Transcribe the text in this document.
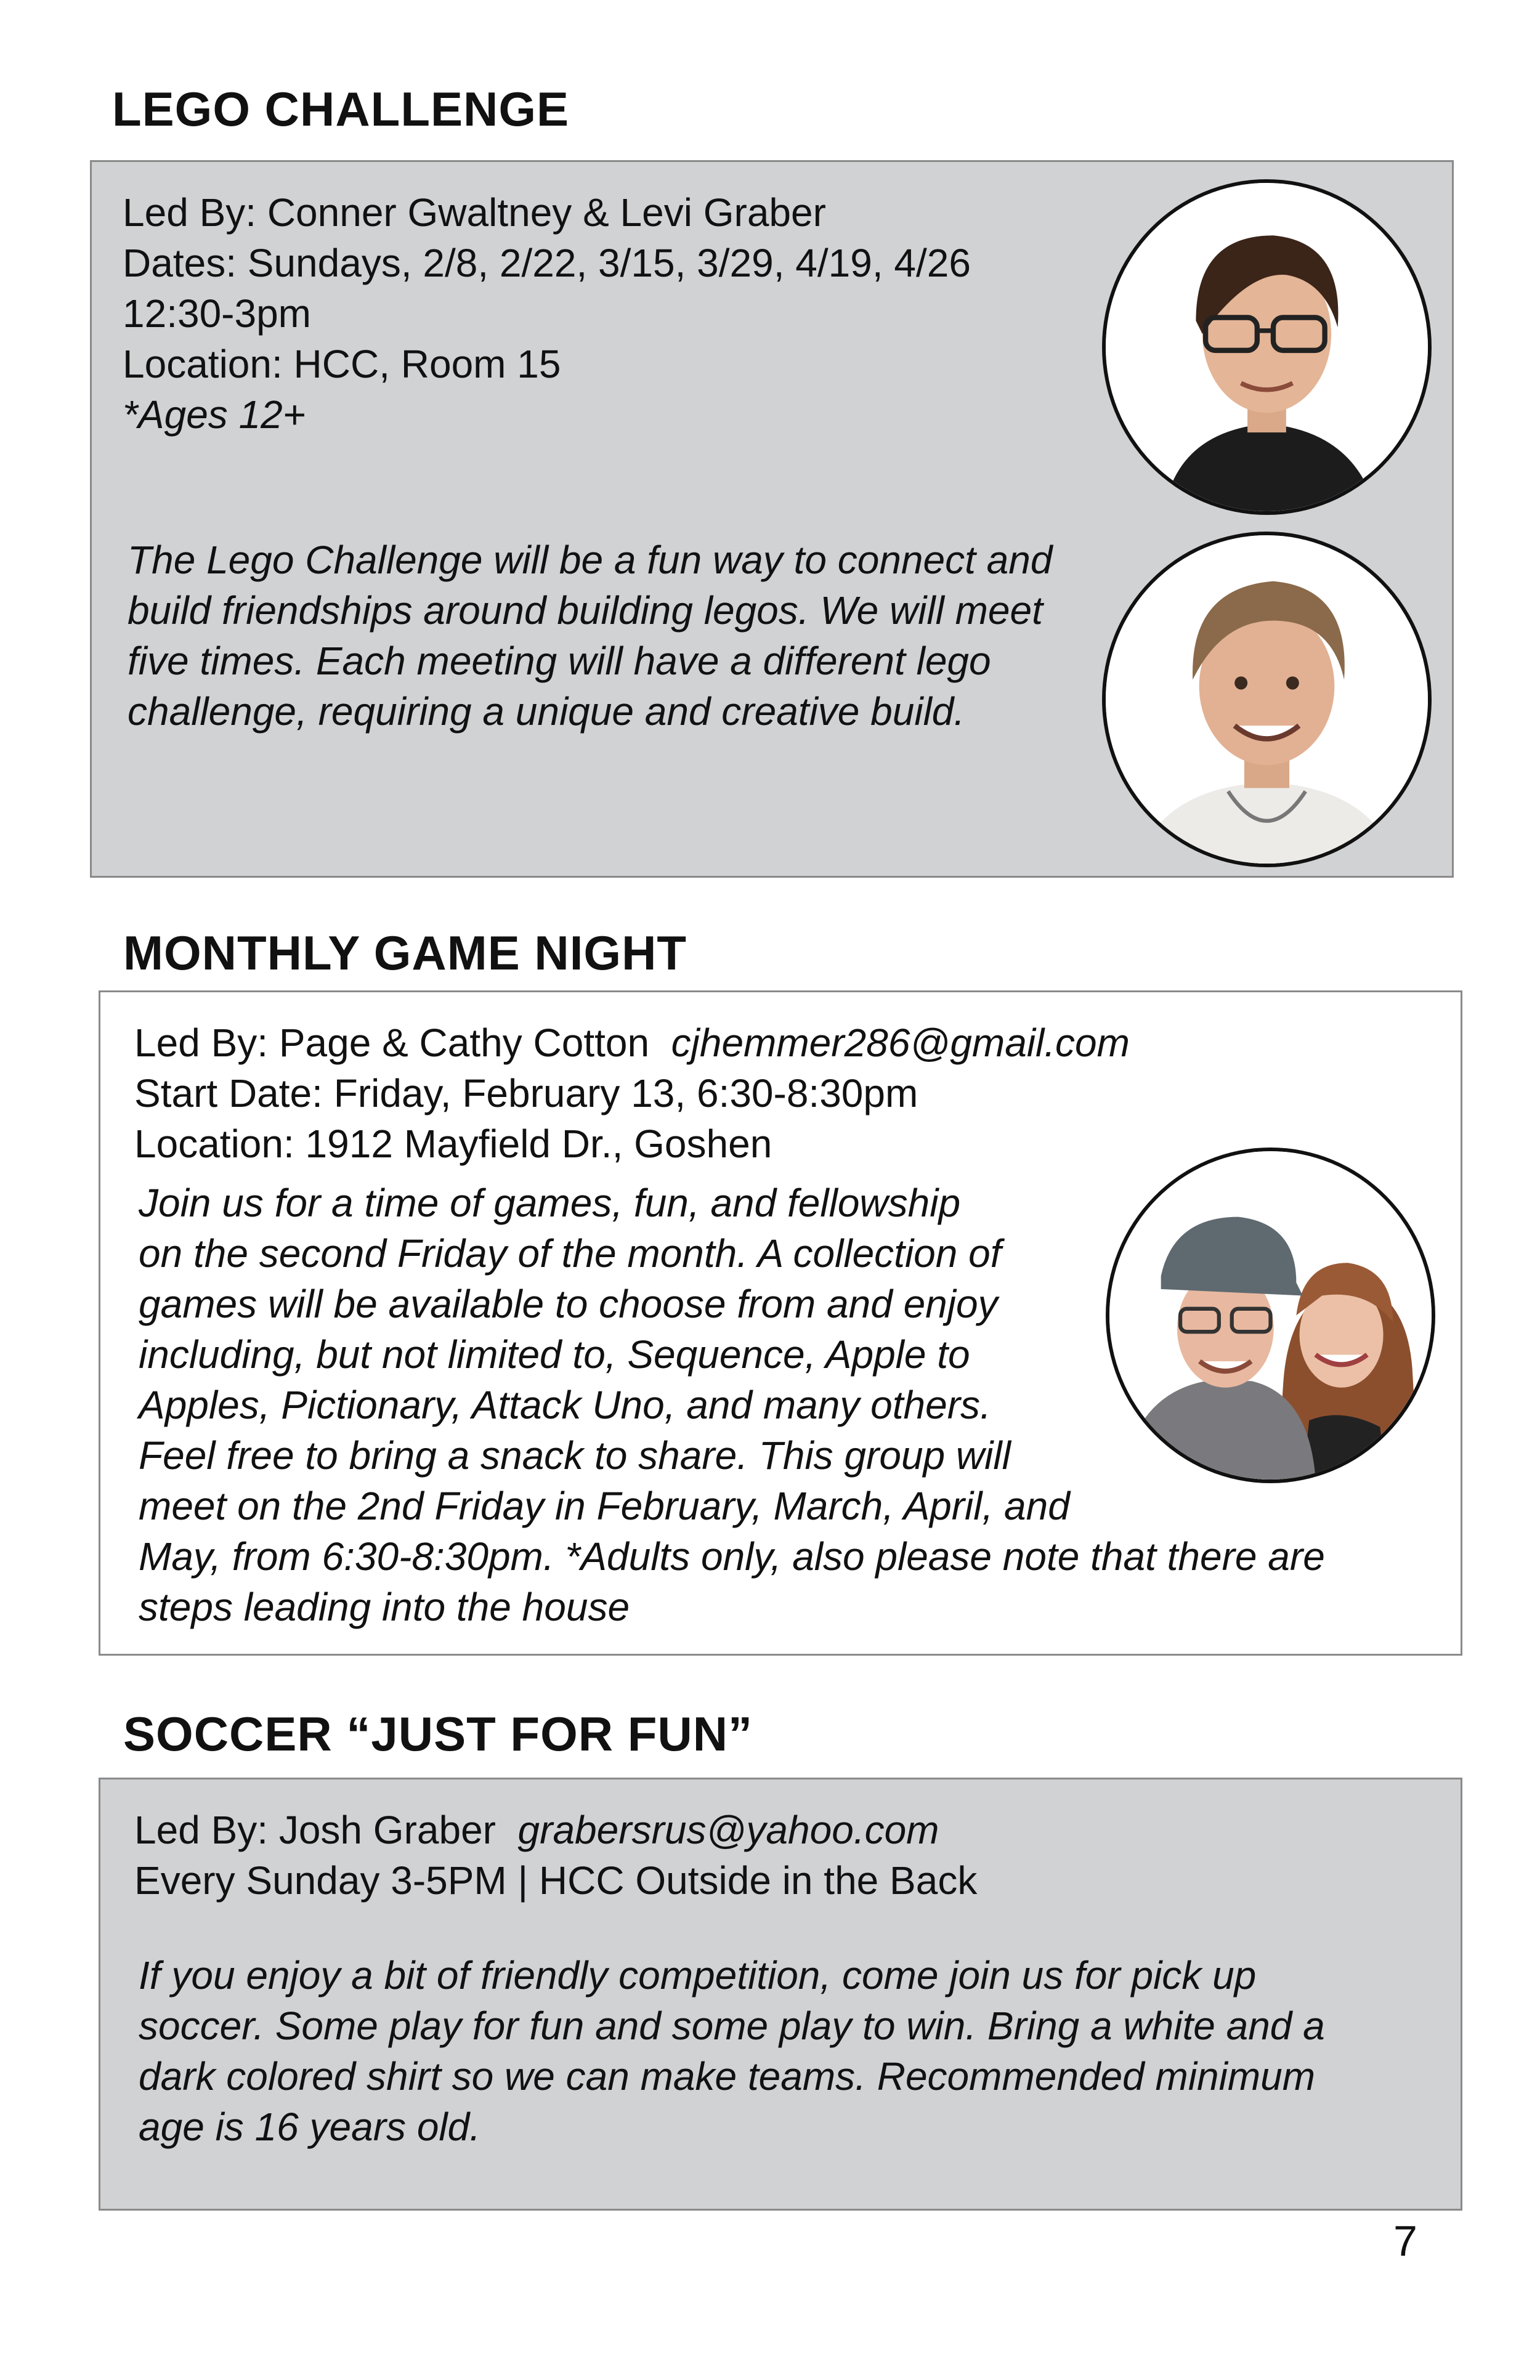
LEGO CHALLENGE
Led By: Conner Gwaltney & Levi Graber
Dates: Sundays, 2/8, 2/22, 3/15, 3/29, 4/19, 4/26
12:30-3pm
Location: HCC, Room 15
*Ages 12+
The Lego Challenge will be a fun way to connect and
build friendships around building legos. We will meet
five times. Each meeting will have a different lego
challenge, requiring a unique and creative build.
MONTHLY GAME NIGHT
Led By: Page & Cathy Cotton cjhemmer286@gmail.com
Start Date: Friday, February 13, 6:30-8:30pm
Location: 1912 Mayfield Dr., Goshen
Join us for a time of games, fun, and fellowship
on the second Friday of the month. A collection of
games will be available to choose from and enjoy
including, but not limited to, Sequence, Apple to
Apples, Pictionary, Attack Uno, and many others.
Feel free to bring a snack to share. This group will
meet on the 2nd Friday in February, March, April, and
May, from 6:30-8:30pm. *Adults only, also please note that there are
steps leading into the house
SOCCER “JUST FOR FUN”
Led By: Josh Graber grabersrus@yahoo.com
Every Sunday 3-5PM | HCC Outside in the Back
If you enjoy a bit of friendly competition, come join us for pick up
soccer. Some play for fun and some play to win. Bring a white and a
dark colored shirt so we can make teams. Recommended minimum
age is 16 years old.
7
